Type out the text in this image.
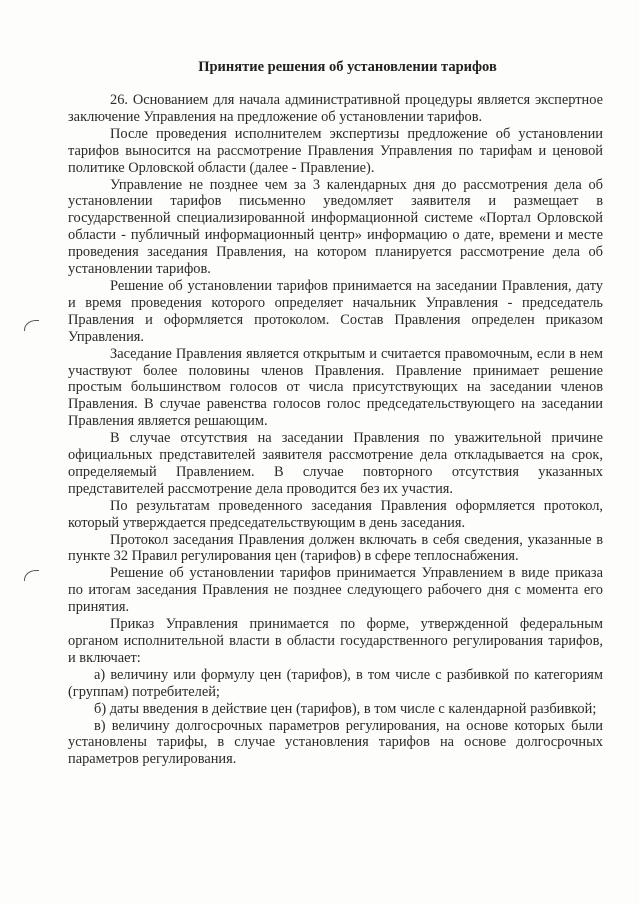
Принятие решения об установлении тарифов

26. Основанием для начала административной процедуры является экспертное заключение Управления на предложение об установлении тарифов.

После проведения исполнителем экспертизы предложение об установлении тарифов выносится на рассмотрение Правления Управления по тарифам и ценовой политике Орловской области (далее - Правление).

Управление не позднее чем за 3 календарных дня до рассмотрения дела об установлении тарифов письменно уведомляет заявителя и размещает в государственной специализированной информационной системе «Портал Орловской области - публичный информационный центр» информацию о дате, времени и месте проведения заседания Правления, на котором планируется рассмотрение дела об установлении тарифов.

Решение об установлении тарифов принимается на заседании Правления, дату и время проведения которого определяет начальник Управления - председатель Правления и оформляется протоколом. Состав Правления определен приказом Управления.

Заседание Правления является открытым и считается правомочным, если в нем участвуют более половины членов Правления. Правление принимает решение простым большинством голосов от числа присутствующих на заседании членов Правления. В случае равенства голосов голос председательствующего на заседании Правления является решающим.

В случае отсутствия на заседании Правления по уважительной причине официальных представителей заявителя рассмотрение дела откладывается на срок, определяемый Правлением. В случае повторного отсутствия указанных представителей рассмотрение дела проводится без их участия.

По результатам проведенного заседания Правления оформляется протокол, который утверждается председательствующим в день заседания.

Протокол заседания Правления должен включать в себя сведения, указанные в пункте 32 Правил регулирования цен (тарифов) в сфере теплоснабжения.

Решение об установлении тарифов принимается Управлением в виде приказа по итогам заседания Правления не позднее следующего рабочего дня с момента его принятия.

Приказ Управления принимается по форме, утвержденной федеральным органом исполнительной власти в области государственного регулирования тарифов, и включает:

а) величину или формулу цен (тарифов), в том числе с разбивкой по категориям (группам) потребителей;

б) даты введения в действие цен (тарифов), в том числе с календарной разбивкой;

в) величину долгосрочных параметров регулирования, на основе которых были установлены тарифы, в случае установления тарифов на основе долгосрочных параметров регулирования.
